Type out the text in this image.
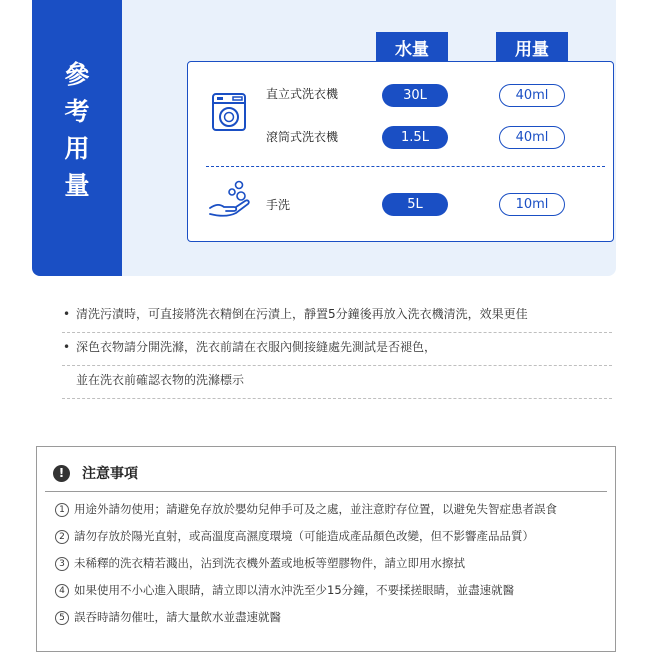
參
考
用
量
水量	用量
直立式洗衣機	30L	40ml
滾筒式洗衣機	1.5L	40ml
手洗	5L	10ml
• 清洗污漬時，可直接將洗衣精倒在污漬上，靜置5分鐘後再放入洗衣機清洗，效果更佳
• 深色衣物請分開洗滌，洗衣前請在衣服內側接縫處先測試是否褪色，
並在洗衣前確認衣物的洗滌標示
!	注意事項
1 用途外請勿使用；請避免存放於嬰幼兒伸手可及之處，並注意貯存位置，以避免失智症患者誤食
2 請勿存放於陽光直射，或高溫度高濕度環境（可能造成產品顏色改變，但不影響產品品質）
3 未稀釋的洗衣精若濺出，沾到洗衣機外蓋或地板等塑膠物件，請立即用水擦拭
4 如果使用不小心進入眼睛，請立即以清水沖洗至少15分鐘，不要揉搓眼睛，並盡速就醫
5 誤吞時請勿催吐，請大量飲水並盡速就醫
